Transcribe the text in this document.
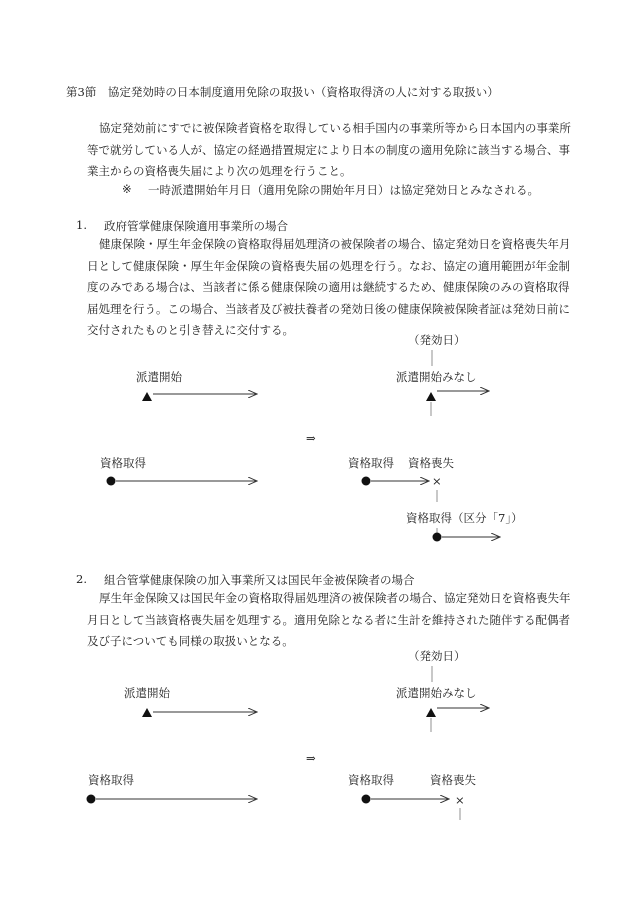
第3節　協定発効時の日本制度適用免除の取扱い（資格取得済の人に対する取扱い）
協定発効前にすでに被保険者資格を取得している相手国内の事業所等から日本国内の事業所等で就労している人が、協定の経過措置規定により日本の制度の適用免除に該当する場合、事業主からの資格喪失届により次の処理を行うこと。
※ 一時派遣開始年月日（適用免除の開始年月日）は協定発効日とみなされる。
1. 政府管掌健康保険適用事業所の場合
健康保険・厚生年金保険の資格取得届処理済の被保険者の場合、協定発効日を資格喪失年月日として健康保険・厚生年金保険の資格喪失届の処理を行う。なお、協定の適用範囲が年金制度のみである場合は、当該者に係る健康保険の適用は継続するため、健康保険のみの資格取得届処理を行う。この場合、当該者及び被扶養者の発効日後の健康保険被保険者証は発効日前に交付されたものと引き替えに交付する。
（発効日）
派遣開始	派遣開始みなし
⇒
資格取得	資格取得 資格喪失
×
資格取得（区分「7」）
2. 組合管掌健康保険の加入事業所又は国民年金被保険者の場合
厚生年金保険又は国民年金の資格取得届処理済の被保険者の場合、協定発効日を資格喪失年月日として当該資格喪失届を処理する。適用免除となる者に生計を維持された随伴する配偶者及び子についても同様の取扱いとなる。
（発効日）
派遣開始	派遣開始みなし
⇒
資格取得	資格取得	資格喪失
×
